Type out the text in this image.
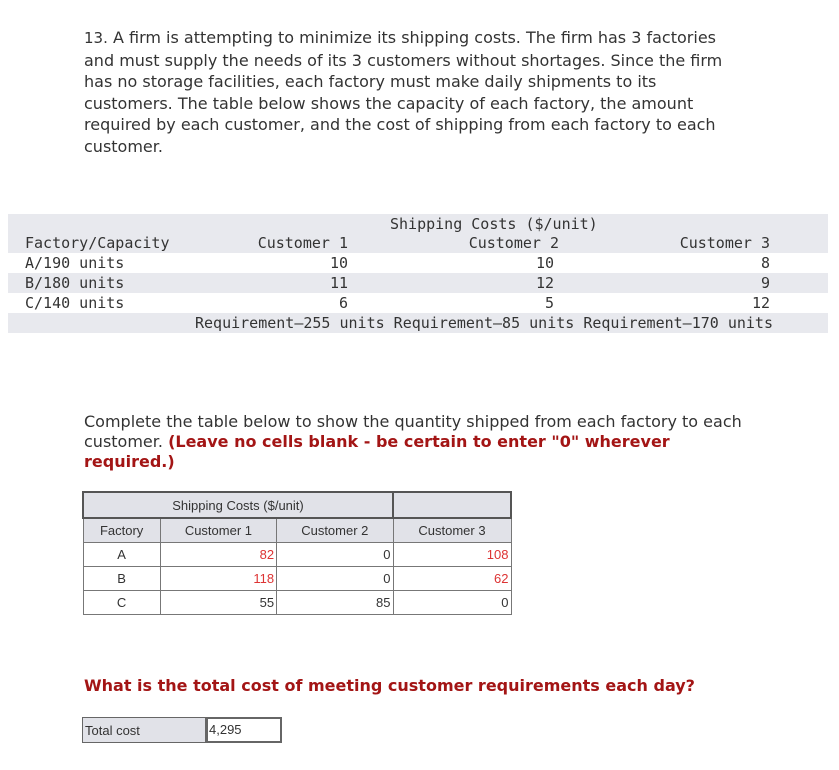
13. A firm is attempting to minimize its shipping costs. The firm has 3 factories and must supply the needs of its 3 customers without shortages. Since the firm has no storage facilities, each factory must make daily shipments to its customers. The table below shows the capacity of each factory, the amount required by each customer, and the cost of shipping from each factory to each customer.
Shipping Costs ($/unit)
Factory/Capacity	Customer 1	Customer 2	Customer 3
A/190 units	10	10	8
B/180 units	11	12	9
C/140 units	6	5	12
Requirement—255 units Requirement—85 units Requirement—170 units
Complete the table below to show the quantity shipped from each factory to each customer. (Leave no cells blank - be certain to enter "0" wherever required.)
Shipping Costs ($/unit)			
Factory	Customer 1	Customer 2	Customer 3
A	82	0	108
B	118	0	62
C	55	85	0
What is the total cost of meeting customer requirements each day?
Total cost	4,295
